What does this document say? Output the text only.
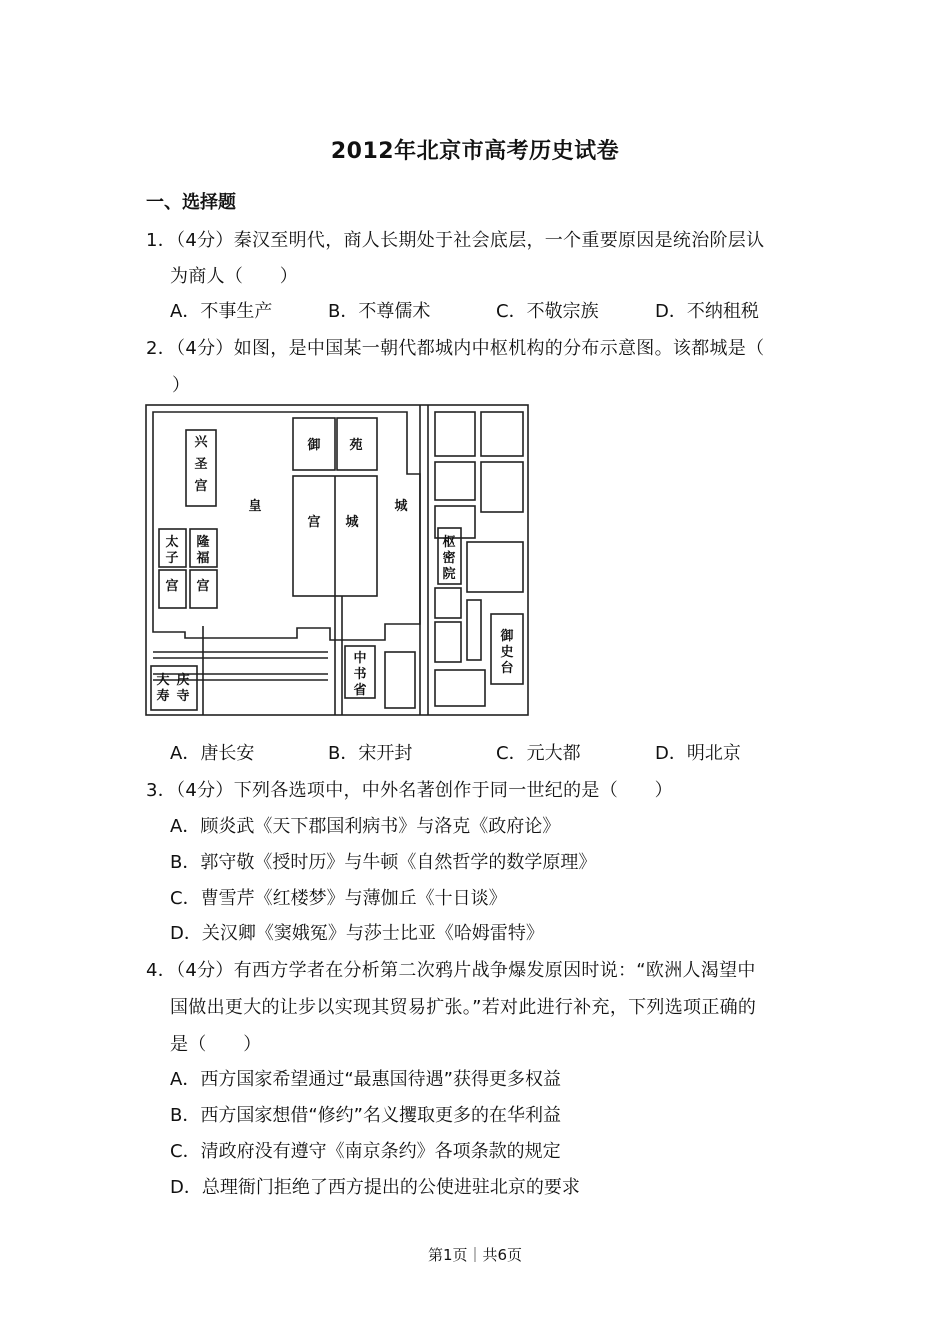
2012年北京市高考历史试卷
一、选择题
1．（4分）秦汉至明代，商人长期处于社会底层，一个重要原因是统治阶层认
为商人（　　）
A．不事生产	B．不尊儒术	C．不敬宗族	D．不纳租税
2．（4分）如图，是中国某一朝代都城内中枢机构的分布示意图。该都城是（
）
兴
圣
宫
御 苑
皇
宫 城
城
太
子
隆
福
宫 宫
枢
密
院
御
史
台
中
书
省
大 庆
寿 寺
A．唐长安	B．宋开封	C．元大都	D．明北京
3．（4分）下列各选项中，中外名著创作于同一世纪的是（　　）
A．顾炎武《天下郡国利病书》与洛克《政府论》
B．郭守敬《授时历》与牛顿《自然哲学的数学原理》
C．曹雪芹《红楼梦》与薄伽丘《十日谈》
D．关汉卿《窦娥冤》与莎士比亚《哈姆雷特》
4．（4分）有西方学者在分析第二次鸦片战争爆发原因时说：“欧洲人渴望中
国做出更大的让步以实现其贸易扩张。”若对此进行补充，下列选项正确的
是（　　）
A．西方国家希望通过“最惠国待遇”获得更多权益
B．西方国家想借“修约”名义攫取更多的在华利益
C．清政府没有遵守《南京条约》各项条款的规定
D．总理衙门拒绝了西方提出的公使进驻北京的要求
第1页｜共6页
